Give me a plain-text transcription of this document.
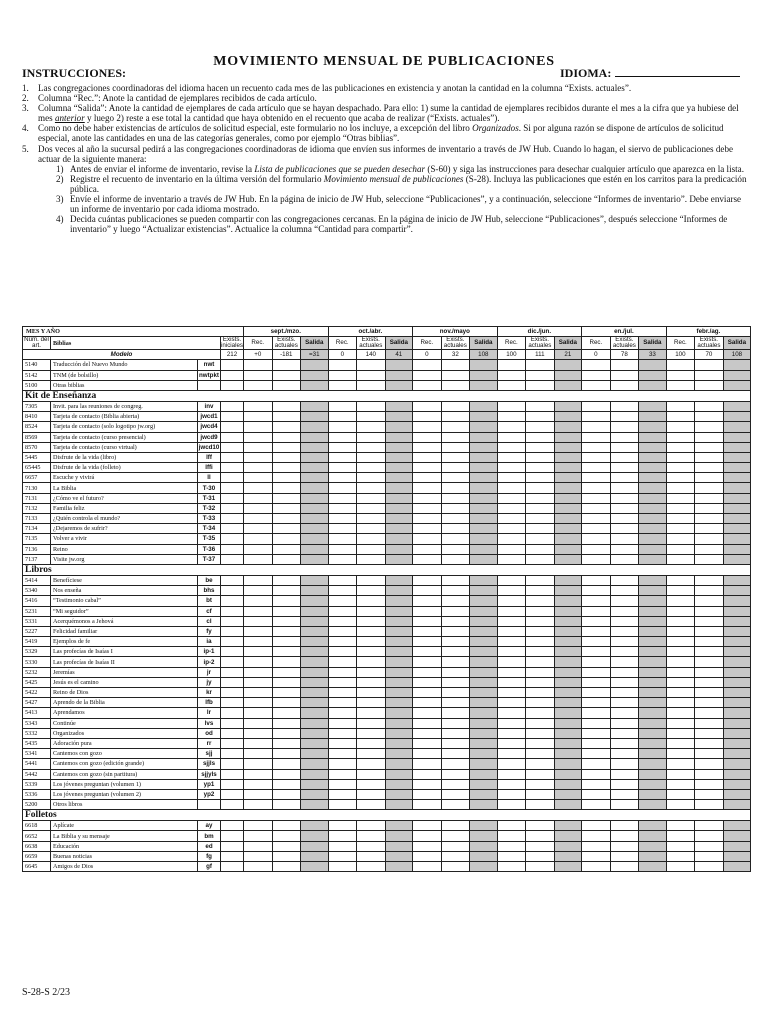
MOVIMIENTO MENSUAL DE PUBLICACIONES
INSTRUCCIONES:	IDIOMA:
1.	Las congregaciones coordinadoras del idioma hacen un recuento cada mes de las publicaciones en existencia y anotan la cantidad en la columna “Exists. actuales”.
2.	Columna “Rec.”: Anote la cantidad de ejemplares recibidos de cada artículo.
3.	Columna “Salida”: Anote la cantidad de ejemplares de cada artículo que se hayan despachado. Para ello: 1) sume la cantidad de ejemplares recibidos durante el mes a la cifra que ya hubiese del mes anterior y luego 2) reste a ese total la cantidad que haya obtenido en el recuento que acaba de realizar (“Exists. actuales”).
4.	Como no debe haber existencias de artículos de solicitud especial, este formulario no los incluye, a excepción del libro Organizados. Si por alguna razón se dispone de artículos de solicitud especial, anote las cantidades en una de las categorías generales, como por ejemplo “Otras biblias”.
5.	Dos veces al año la sucursal pedirá a las congregaciones coordinadoras de idioma que envíen sus informes de inventario a través de JW Hub. Cuando lo hagan, el siervo de publicaciones debe actuar de la siguiente manera:
1) Antes de enviar el informe de inventario, revise la Lista de publicaciones que se pueden desechar (S-60) y siga las instrucciones para desechar cualquier artículo que aparezca en la lista.
2) Registre el recuento de inventario en la última versión del formulario Movimiento mensual de publicaciones (S-28). Incluya las publicaciones que estén en los carritos para la predicación pública.
3) Envíe el informe de inventario a través de JW Hub. En la página de inicio de JW Hub, seleccione “Publicaciones”, y a continuación, seleccione “Informes de inventario”. Debe enviarse un informe de inventario por cada idioma mostrado.
4) Decida cuántas publicaciones se pueden compartir con las congregaciones cercanas. En la página de inicio de JW Hub, seleccione “Publicaciones”, después seleccione “Informes de inventario” y luego “Actualizar existencias”. Actualice la columna “Cantidad para compartir”.
MES Y AÑO				sept./mzo.			oct./abr.			nov./mayo			dic./jun.			en./jul.			febr./ag.		
Núm. del art.	Biblias		Exists. iniciales	Rec.	Exists. actuales	Salida	Rec.	Exists. actuales	Salida	Rec.	Exists. actuales	Salida	Rec.	Exists. actuales	Salida	Rec.	Exists. actuales	Salida	Rec.	Exists. actuales	Salida
Modelo			212	+0	-181	=31	0	140	41	0	32	108	100	111	21	0	78	33	100	70	108
5140	Traducción del Nuevo Mundo	nwt																			
5142	TNM (de bolsillo)	nwtpkt																			
5100	Otras biblias																				
Kit de Enseñanza																					
7305	Invit. para las reuniones de congreg.	inv																			
8410	Tarjeta de contacto (Biblia abierta)	jwcd1																			
8524	Tarjeta de contacto (solo logotipo jw.org)	jwcd4																			
8569	Tarjeta de contacto (curso presencial)	jwcd9																			
8570	Tarjeta de contacto (curso virtual)	jwcd10																			
5445	Disfrute de la vida (libro)	lff																			
65445	Disfrute de la vida (folleto)	lffi																			
6657	Escuche y vivirá	ll																			
7130	La Biblia	T-30																			
7131	¿Cómo ve el futuro?	T-31																			
7132	Familia feliz	T-32																			
7133	¿Quién controla el mundo?	T-33																			
7134	¿Dejaremos de sufrir?	T-34																			
7135	Volver a vivir	T-35																			
7136	Reino	T-36																			
7137	Visite jw.org	T-37																			
Libros																					
5414	Benefíciese	be																			
5340	Nos enseña	bhs																			
5416	“Testimonio cabal”	bt																			
5231	“Mi seguidor”	cf																			
5331	Acerquémonos a Jehová	cl																			
5227	Felicidad familiar	fy																			
5419	Ejemplos de fe	ia																			
5329	Las profecías de Isaías I	ip-1																			
5330	Las profecías de Isaías II	ip-2																			
5232	Jeremías	jr																			
5425	Jesús es el camino	jy																			
5422	Reino de Dios	kr																			
5427	Aprendo de la Biblia	lfb																			
5413	Aprendamos	lr																			
5343	Continúe	lvs																			
5332	Organizados	od																			
5435	Adoración pura	rr																			
5341	Cantemos con gozo	sjj																			
5441	Cantemos con gozo (edición grande)	sjjls																			
5442	Cantemos con gozo (sin partitura)	sjjyls																			
5339	Los jóvenes preguntan (volumen 1)	yp1																			
5336	Los jóvenes preguntan (volumen 2)	yp2																			
5200	Otros libros																				
Folletos																					
6618	Aplícate	ay																			
6652	La Biblia y su mensaje	bm																			
6638	Educación	ed																			
6659	Buenas noticias	fg																			
6645	Amigos de Dios	gf																			
S-28-S 2/23
